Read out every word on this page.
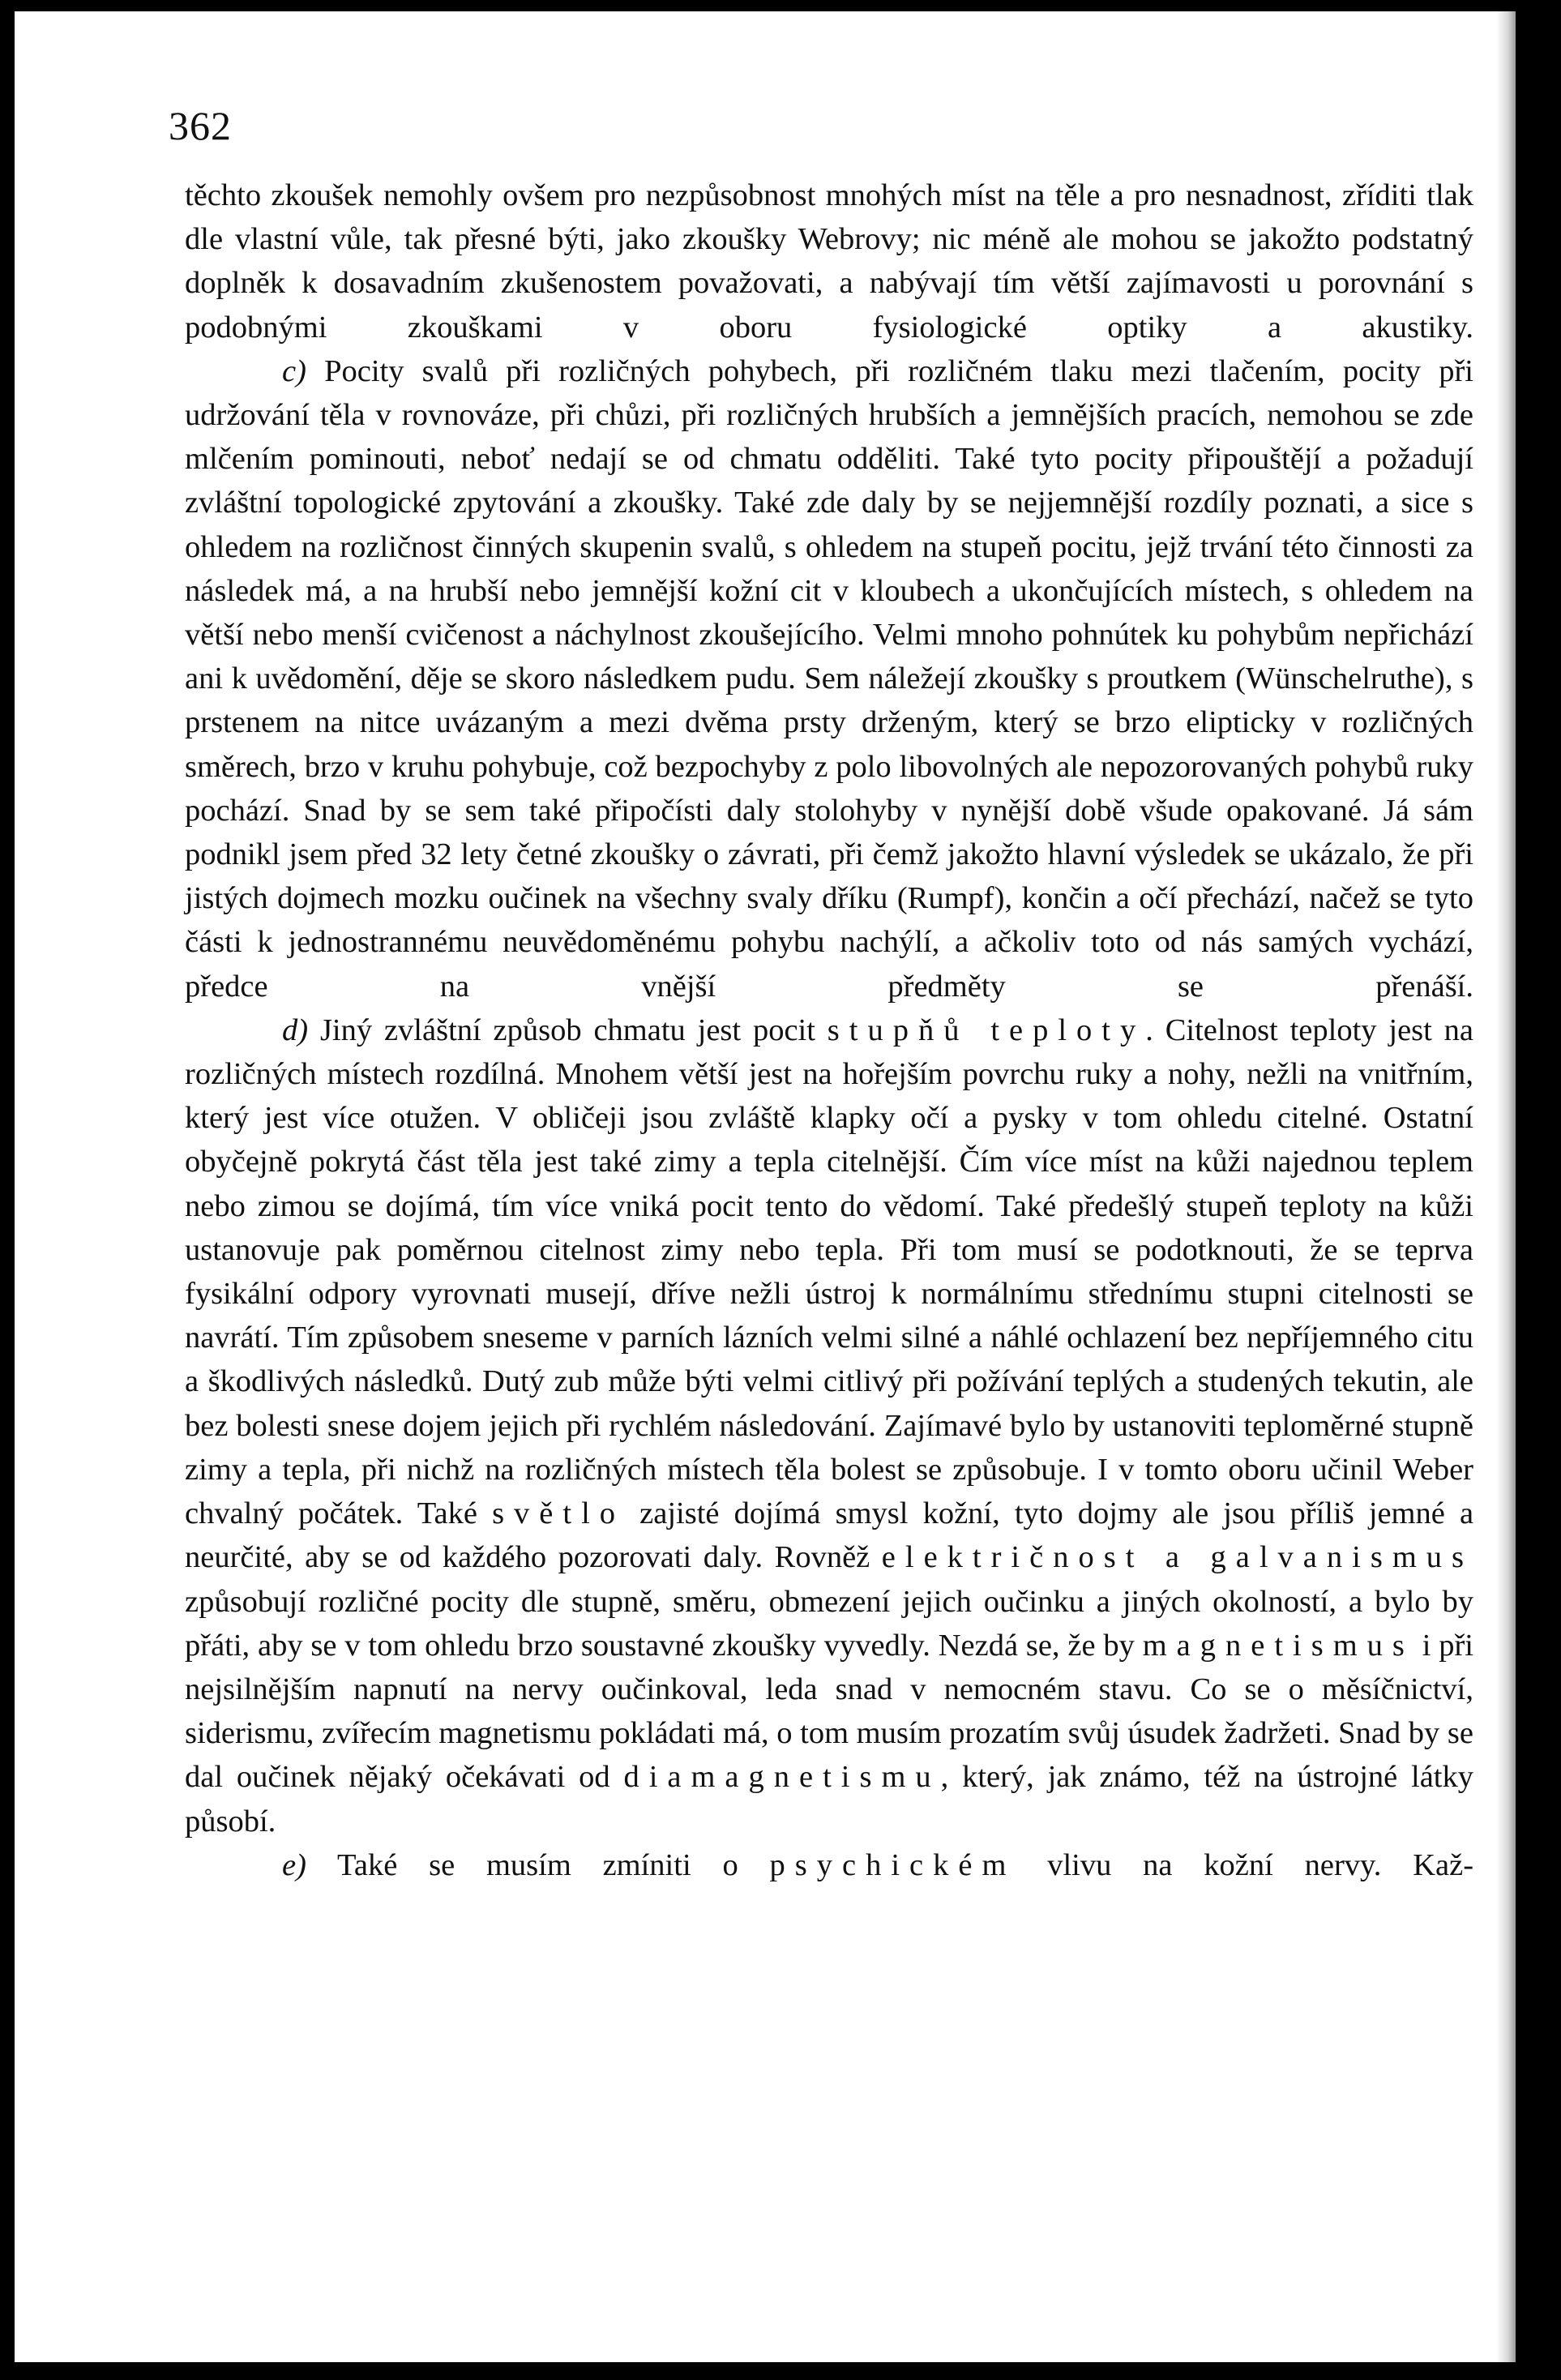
362

těchto zkoušek nemohly ovšem pro nezpůsobnost mnohých míst na těle a pro nesnadnost, zříditi tlak dle vlastní vůle, tak přesné býti, jako zkoušky Webrovy; nic méně ale mohou se jakožto podstatný doplněk k dosavadním zkušenostem považovati, a nabývají tím větší zajímavosti u porovnání s podobnými zkouškami v oboru fysiologické optiky a akustiky.

c) Pocity svalů při rozličných pohybech, při rozličném tlaku mezi tlačením, pocity při udržování těla v rovnováze, při chůzi, při rozličných hrubších a jemnějších pracích, nemohou se zde mlčením pominouti, neboť nedají se od chmatu odděliti. Také tyto pocity připouštějí a požadují zvláštní topologické zpytování a zkoušky. Také zde daly by se nejjemnější rozdíly poznati, a sice s ohledem na rozličnost činných skupenin svalů, s ohledem na stupeň pocitu, jejž trvání této činnosti za následek má, a na hrubší nebo jemnější kožní cit v kloubech a ukončujících místech, s ohledem na větší nebo menší cvičenost a náchylnost zkoušejícího. Velmi mnoho pohnútek ku pohybům nepřichází ani k uvědomění, děje se skoro následkem pudu. Sem náležejí zkoušky s proutkem (Wünschelruthe), s prstenem na nitce uvázaným a mezi dvěma prsty drženým, který se brzo elipticky v rozličných směrech, brzo v kruhu pohybuje, což bezpochyby z polo libovolných ale nepozorovaných pohybů ruky pochází. Snad by se sem také připočísti daly stolohyby v nynější době všude opakované. Já sám podnikl jsem před 32 lety četné zkoušky o závrati, při čemž jakožto hlavní výsledek se ukázalo, že při jistých dojmech mozku oučinek na všechny svaly dříku (Rumpf), končin a očí přechází, načež se tyto části k jednostrannému neuvědoměnému pohybu nachýlí, a ačkoliv toto od nás samých vychází, předce na vnější předměty se přenáší.

d) Jiný zvláštní způsob chmatu jest pocit stupňů teploty. Citelnost teploty jest na rozličných místech rozdílná. Mnohem větší jest na hořejším povrchu ruky a nohy, nežli na vnitřním, který jest více otužen. V obličeji jsou zvláště klapky očí a pysky v tom ohledu citelné. Ostatní obyčejně pokrytá část těla jest také zimy a tepla citelnější. Čím více míst na kůži najednou teplem nebo zimou se dojímá, tím více vniká pocit tento do vědomí. Také předešlý stupeň teploty na kůži ustanovuje pak poměrnou citelnost zimy nebo tepla. Při tom musí se podotknouti, že se teprva fysikální odpory vyrovnati musejí, dříve nežli ústroj k normálnímu střednímu stupni citelnosti se navrátí. Tím způsobem sneseme v parních lázních velmi silné a náhlé ochlazení bez nepříjemného citu a škodlivých následků. Dutý zub může býti velmi citlivý při požívání teplých a studených tekutin, ale bez bolesti snese dojem jejich při rychlém následování. Zajímavé bylo by ustanoviti teploměrné stupně zimy a tepla, při nichž na rozličných místech těla bolest se způsobuje. I v tomto oboru učinil Weber chvalný počátek. Také světlo zajisté dojímá smysl kožní, tyto dojmy ale jsou příliš jemné a neurčité, aby se od každého pozorovati daly. Rovněž električnost a galvanismus způsobují rozličné pocity dle stupně, směru, obmezení jejich oučinku a jiných okolností, a bylo by přáti, aby se v tom ohledu brzo soustavné zkoušky vyvedly. Nezdá se, že by magnetismus i při nejsilnějším napnutí na nervy oučinkoval, leda snad v nemocném stavu. Co se o měsíčnictví, siderismu, zvířecím magnetismu pokládati má, o tom musím prozatím svůj úsudek žadržeti. Snad by se dal oučinek nějaký očekávati od diamagnetismu, který, jak známo, též na ústrojné látky působí.

e) Také se musím zmíniti o psychickém vlivu na kožní nervy. Kaž-
